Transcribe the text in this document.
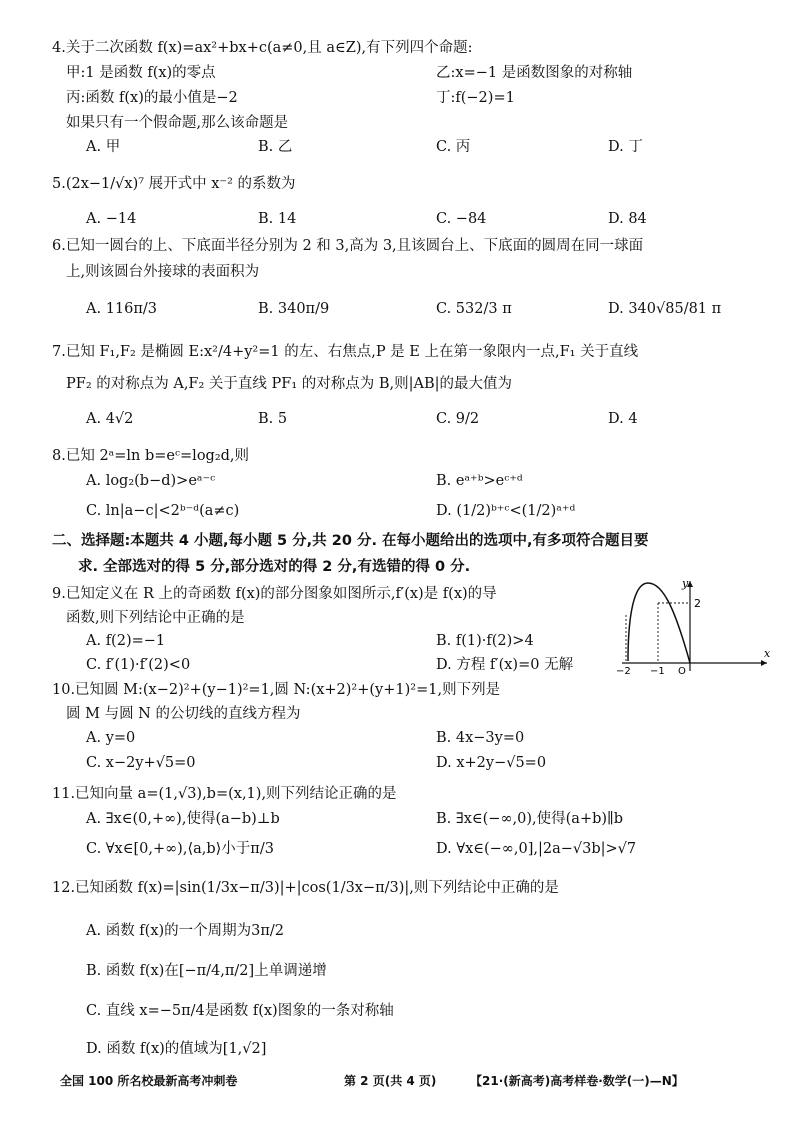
4.关于二次函数 f(x)=ax²+bx+c(a≠0,且 a∈Z),有下列四个命题:
甲:1 是函数 f(x)的零点	乙:x=−1 是函数图象的对称轴
丙:函数 f(x)的最小值是−2	丁:f(−2)=1
如果只有一个假命题,那么该命题是
A. 甲	B. 乙	C. 丙	D. 丁
5.(2x−1/√x)⁷ 展开式中 x⁻² 的系数为
A. −14	B. 14	C. −84	D. 84
6.已知一圆台的上、下底面半径分别为 2 和 3,高为 3,且该圆台上、下底面的圆周在同一球面
上,则该圆台外接球的表面积为
A. 116π/3	B. 340π/9	C. 532/3 π	D. 340√85/81 π
7.已知 F₁,F₂ 是椭圆 E:x²/4+y²=1 的左、右焦点,P 是 E 上在第一象限内一点,F₁ 关于直线
PF₂ 的对称点为 A,F₂ 关于直线 PF₁ 的对称点为 B,则|AB|的最大值为
A. 4√2	B. 5	C. 9/2	D. 4
8.已知 2ᵃ=ln b=eᶜ=log₂d,则
A. log₂(b−d)>eᵃ⁻ᶜ	B. eᵃ⁺ᵇ>eᶜ⁺ᵈ
C. ln|a−c|<2ᵇ⁻ᵈ(a≠c)	D. (1/2)ᵇ⁺ᶜ<(1/2)ᵃ⁺ᵈ
二、选择题:本题共 4 小题,每小题 5 分,共 20 分. 在每小题给出的选项中,有多项符合题目要
求. 全部选对的得 5 分,部分选对的得 2 分,有选错的得 0 分.
9.已知定义在 R 上的奇函数 f(x)的部分图象如图所示,f′(x)是 f(x)的导
函数,则下列结论中正确的是
A. f(2)=−1	B. f(1)·f(2)>4
C. f′(1)·f′(2)<0	D. 方程 f′(x)=0 无解
y
x
2
−2 −1 O
10.已知圆 M:(x−2)²+(y−1)²=1,圆 N:(x+2)²+(y+1)²=1,则下列是
圆 M 与圆 N 的公切线的直线方程为
A. y=0	B. 4x−3y=0
C. x−2y+√5=0	D. x+2y−√5=0
11.已知向量 a=(1,√3),b=(x,1),则下列结论正确的是
A. ∃x∈(0,+∞),使得(a−b)⊥b	B. ∃x∈(−∞,0),使得(a+b)∥b
C. ∀x∈[0,+∞),⟨a,b⟩小于π/3	D. ∀x∈(−∞,0],|2a−√3b|>√7
12.已知函数 f(x)=|sin(1/3x−π/3)|+|cos(1/3x−π/3)|,则下列结论中正确的是
A. 函数 f(x)的一个周期为3π/2
B. 函数 f(x)在[−π/4,π/2]上单调递增
C. 直线 x=−5π/4是函数 f(x)图象的一条对称轴
D. 函数 f(x)的值域为[1,√2]
全国 100 所名校最新高考冲刺卷	第 2 页(共 4 页)	【21·(新高考)高考样卷·数学(一)—N】
